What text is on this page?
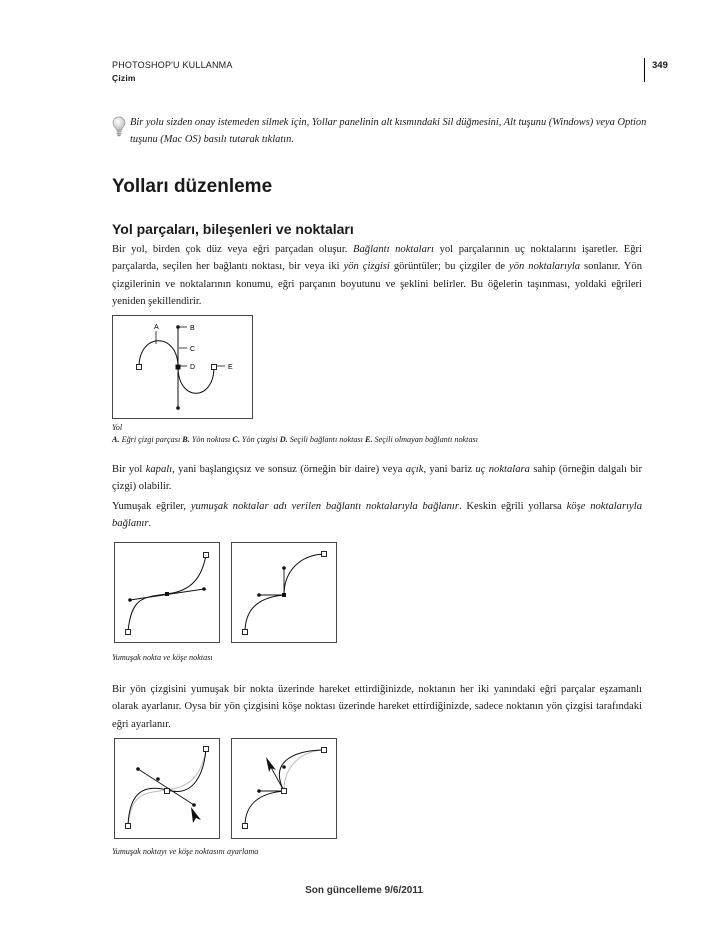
PHOTOSHOP'U KULLANMA
Çizim
349
Bir yolu sizden onay istemeden silmek için, Yollar panelinin alt kısmındaki Sil düğmesini, Alt tuşunu (Windows) veya Option tuşunu (Mac OS) basılı tutarak tıklatın.
Yolları düzenleme
Yol parçaları, bileşenleri ve noktaları
Bir yol, birden çok düz veya eğri parçadan oluşur. Bağlantı noktaları yol parçalarının uç noktalarını işaretler. Eğri parçalarda, seçilen her bağlantı noktası, bir veya iki yön çizgisi görüntüler; bu çizgiler de yön noktalarıyla sonlanır. Yön çizgilerinin ve noktalarının konumu, eğri parçanın boyutunu ve şeklini belirler. Bu öğelerin taşınması, yoldaki eğrileri yeniden şekillendirir.
A	B
C
D	E
Yol
A. Eğri çizgi parçası B. Yön noktası C. Yön çizgisi D. Seçili bağlantı noktası E. Seçili olmayan bağlantı noktası
Bir yol kapalı, yani başlangıçsız ve sonsuz (örneğin bir daire) veya açık, yani bariz uç noktalara sahip (örneğin dalgalı bir çizgi) olabilir.
Yumuşak eğriler, yumuşak noktalar adı verilen bağlantı noktalarıyla bağlanır. Keskin eğrili yollarsa köşe noktalarıyla bağlanır.
Yumuşak nokta ve köşe noktası
Bir yön çizgisini yumuşak bir nokta üzerinde hareket ettirdiğinizde, noktanın her iki yanındaki eğri parçalar eşzamanlı olarak ayarlanır. Oysa bir yön çizgisini köşe noktası üzerinde hareket ettirdiğinizde, sadece noktanın yön çizgisi tarafındaki eğri ayarlanır.
Yumuşak noktayı ve köşe noktasını ayarlama
Son güncelleme 9/6/2011
